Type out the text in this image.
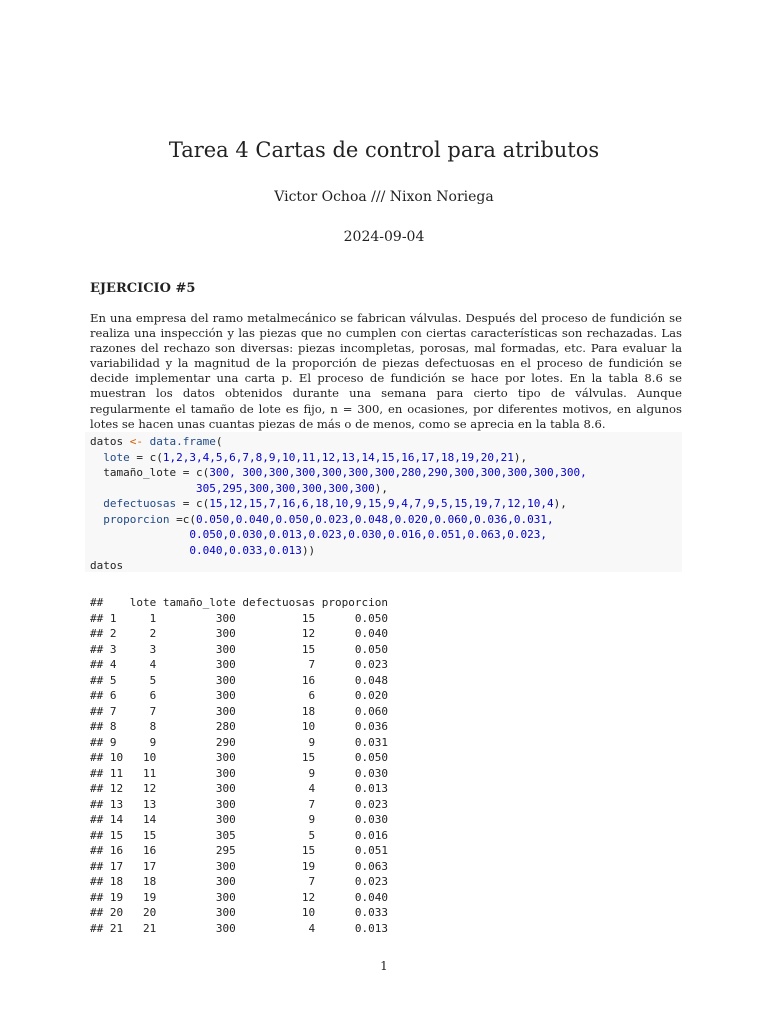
Tarea 4 Cartas de control para atributos
Victor Ochoa /// Nixon Noriega
2024-09-04
EJERCICIO #5

En una empresa del ramo metalmecánico se fabrican válvulas. Después del proceso de fundición se realiza una inspección y las piezas que no cumplen con ciertas características son rechazadas. Las razones del rechazo son diversas: piezas incompletas, porosas, mal formadas, etc. Para evaluar la variabilidad y la magnitud de la proporción de piezas defectuosas en el proceso de fundición se decide implementar una carta p. El proceso de fundición se hace por lotes. En la tabla 8.6 se muestran los datos obtenidos durante una semana para cierto tipo de válvulas. Aunque regularmente el tamaño de lote es fijo, n = 300, en ocasiones, por diferentes motivos, en algunos lotes se hacen unas cuantas piezas de más o de menos, como se aprecia en la tabla 8.6.

datos <- data.frame(
lote = c(1,2,3,4,5,6,7,8,9,10,11,12,13,14,15,16,17,18,19,20,21),
tamaño_lote = c(300, 300,300,300,300,300,300,280,290,300,300,300,300,300,
305,295,300,300,300,300,300),
defectuosas = c(15,12,15,7,16,6,18,10,9,15,9,4,7,9,5,15,19,7,12,10,4),
proporcion =c(0.050,0.040,0.050,0.023,0.048,0.020,0.060,0.036,0.031,
0.050,0.030,0.013,0.023,0.030,0.016,0.051,0.063,0.023,
0.040,0.033,0.013))
datos
##    lote tamaño_lote defectuosas proporcion
## 1     1         300          15      0.050
## 2     2         300          12      0.040
## 3     3         300          15      0.050
## 4     4         300           7      0.023
## 5     5         300          16      0.048
## 6     6         300           6      0.020
## 7     7         300          18      0.060
## 8     8         280          10      0.036
## 9     9         290           9      0.031
## 10   10         300          15      0.050
## 11   11         300           9      0.030
## 12   12         300           4      0.013
## 13   13         300           7      0.023
## 14   14         300           9      0.030
## 15   15         305           5      0.016
## 16   16         295          15      0.051
## 17   17         300          19      0.063
## 18   18         300           7      0.023
## 19   19         300          12      0.040
## 20   20         300          10      0.033
## 21   21         300           4      0.013

1
